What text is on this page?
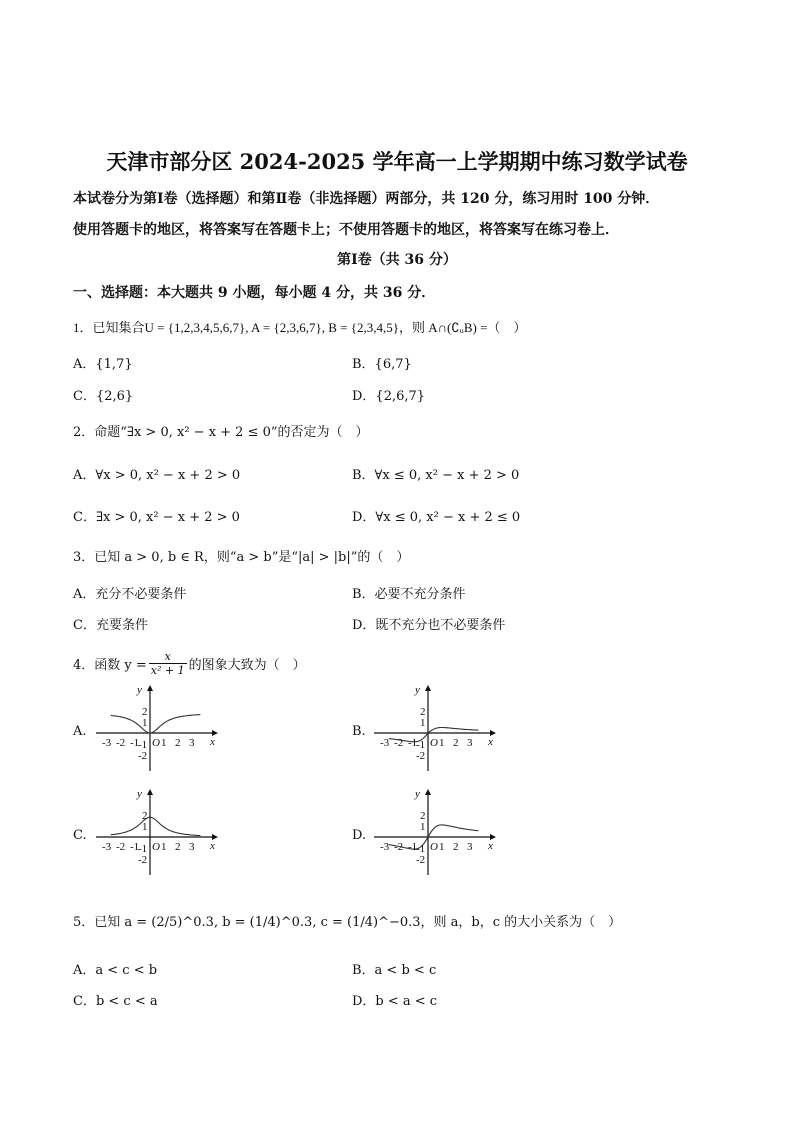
天津市部分区 2024-2025 学年高一上学期期中练习数学试卷
本试卷分为第Ⅰ卷（选择题）和第Ⅱ卷（非选择题）两部分，共 120 分，练习用时 100 分钟．
使用答题卡的地区，将答案写在答题卡上；不使用答题卡的地区，将答案写在练习卷上．
第Ⅰ卷（共 36 分）
一、选择题：本大题共 9 小题，每小题 4 分，共 36 分．
1．已知集合U = {1,2,3,4,5,6,7}, A = {2,3,6,7}, B = {2,3,4,5}，则 A∩(∁ᵤB) =（　）
A．{1,7}	B．{6,7}
C．{2,6}	D．{2,6,7}
2．命题“∃x > 0, x² − x + 2 ≤ 0”的否定为（　）
A．∀x > 0, x² − x + 2 > 0	B．∀x ≤ 0, x² − x + 2 > 0
C．∃x > 0, x² − x + 2 > 0	D．∀x ≤ 0, x² − x + 2 ≤ 0
3．已知 a > 0, b ∈ R，则“a > b”是“|a| > |b|”的（　）
A．充分不必要条件	B．必要不充分条件
C．充要条件	D．既不充分也不必要条件
4．函数 $y = \frac{x}{\text{x² + 1}}$ 的图象大致为（　）
A.	B.
C.	D.
y
x
O
-3 -2 -1 1 2 3
2
1
-1
-2
y
x
O
-3 -2 -1 1 2 3
2
1
-1
-2
y
x
O
-3 -2 -1 1 2 3
2
1
-1
-2
y
x
O
-3 -2 -1 1 2 3
2
1
-1
-2
5．已知 a = (2/5)^0.3, b = (1/4)^0.3, c = (1/4)^−0.3，则 a，b，c 的大小关系为（　）
A．a < c < b	B．a < b < c
C．b < c < a	D．b < a < c
